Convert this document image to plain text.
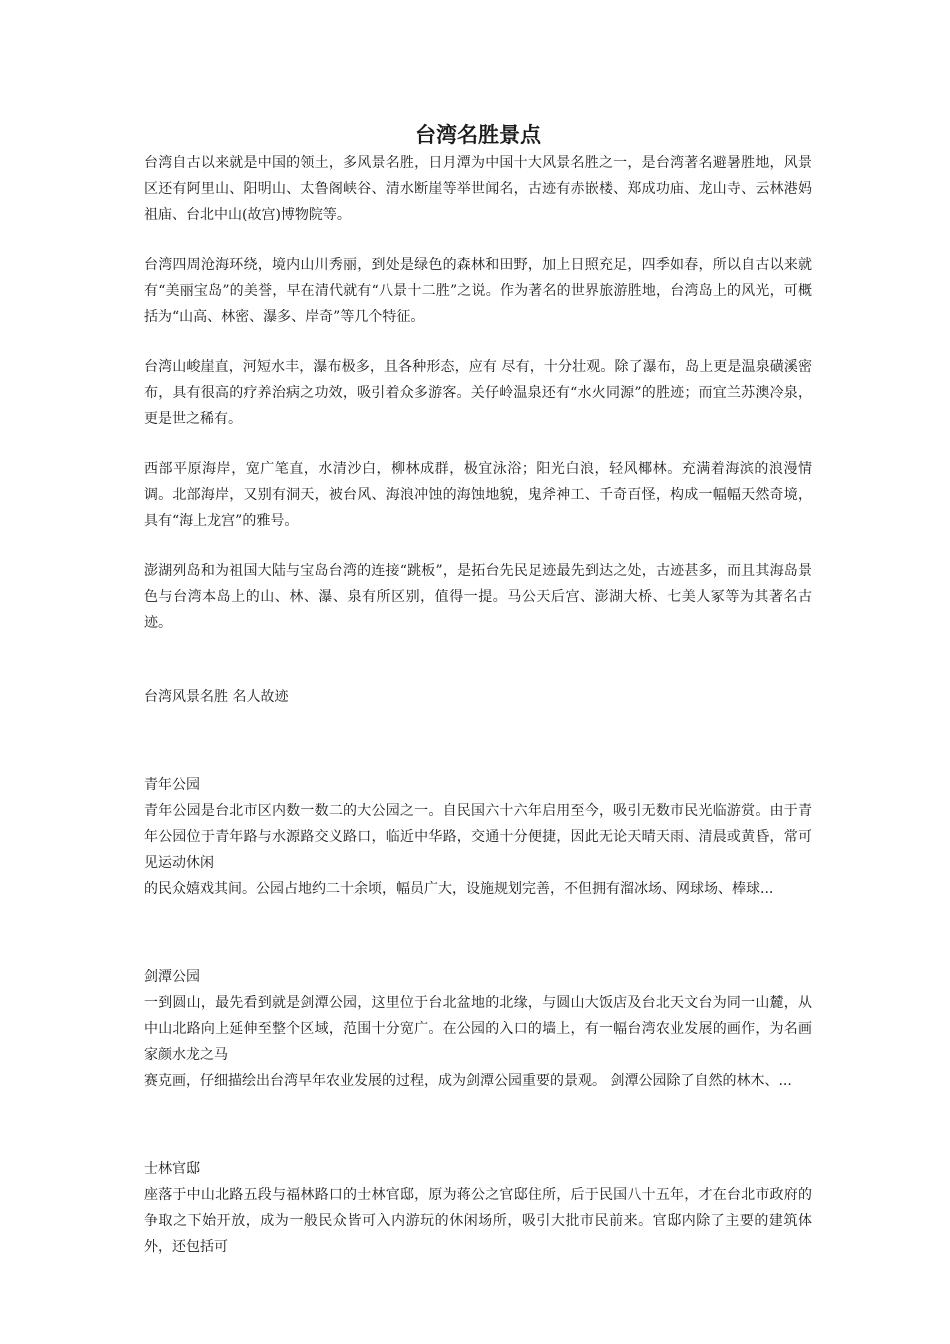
台湾名胜景点

台湾自古以来就是中国的领土，多风景名胜，日月潭为中国十大风景名胜之一，是台湾著名避暑胜地，风景区还有阿里山、阳明山、太鲁阁峡谷、清水断崖等举世闻名，古迹有赤嵌楼、郑成功庙、龙山寺、云林港妈祖庙、台北中山(故宫)博物院等。

台湾四周沧海环绕，境内山川秀丽，到处是绿色的森林和田野，加上日照充足，四季如春，所以自古以来就有“美丽宝岛”的美誉，早在清代就有“八景十二胜”之说。作为著名的世界旅游胜地，台湾岛上的风光，可概括为“山高、林密、瀑多、岸奇”等几个特征。

台湾山峻崖直，河短水丰，瀑布极多，且各种形态，应有 尽有，十分壮观。除了瀑布，岛上更是温泉磺溪密布，具有很高的疗养治病之功效，吸引着众多游客。关仔岭温泉还有“水火同源”的胜迹；而宜兰苏澳冷泉，更是世之稀有。

西部平原海岸，宽广笔直，水清沙白，柳林成群，极宜泳浴；阳光白浪，轻风椰林。充满着海滨的浪漫情调。北部海岸，又别有洞天，被台风、海浪冲蚀的海蚀地貌，鬼斧神工、千奇百怪，构成一幅幅天然奇境，具有“海上龙宫”的雅号。

澎湖列岛和为祖国大陆与宝岛台湾的连接“跳板”，是拓台先民足迹最先到达之处，古迹甚多，而且其海岛景色与台湾本岛上的山、林、瀑、泉有所区别，值得一提。马公天后宫、澎湖大桥、七美人冢等为其著名古迹。

台湾风景名胜 名人故迹

青年公园

青年公园是台北市区内数一数二的大公园之一。自民国六十六年启用至今，吸引无数市民光临游赏。由于青年公园位于青年路与水源路交义路口，临近中华路，交通十分便捷，因此无论天晴天雨、清晨或黄昏，常可见运动休闲

的民众嬉戏其间。公园占地约二十余顷，幅员广大，设施规划完善，不但拥有溜冰场、网球场、棒球...

剑潭公园

一到圆山，最先看到就是剑潭公园，这里位于台北盆地的北缘，与圆山大饭店及台北天文台为同一山麓，从中山北路向上延伸至整个区域，范围十分宽广。在公园的入口的墙上，有一幅台湾农业发展的画作，为名画家颜水龙之马

赛克画，仔细描绘出台湾早年农业发展的过程，成为剑潭公园重要的景观。 剑潭公园除了自然的林木、...

士林官邸

座落于中山北路五段与福林路口的士林官邸，原为蒋公之官邸住所，后于民国八十五年，才在台北市政府的争取之下始开放，成为一般民众皆可入内游玩的休闲场所，吸引大批市民前来。官邸内除了主要的建筑体外，还包括可
